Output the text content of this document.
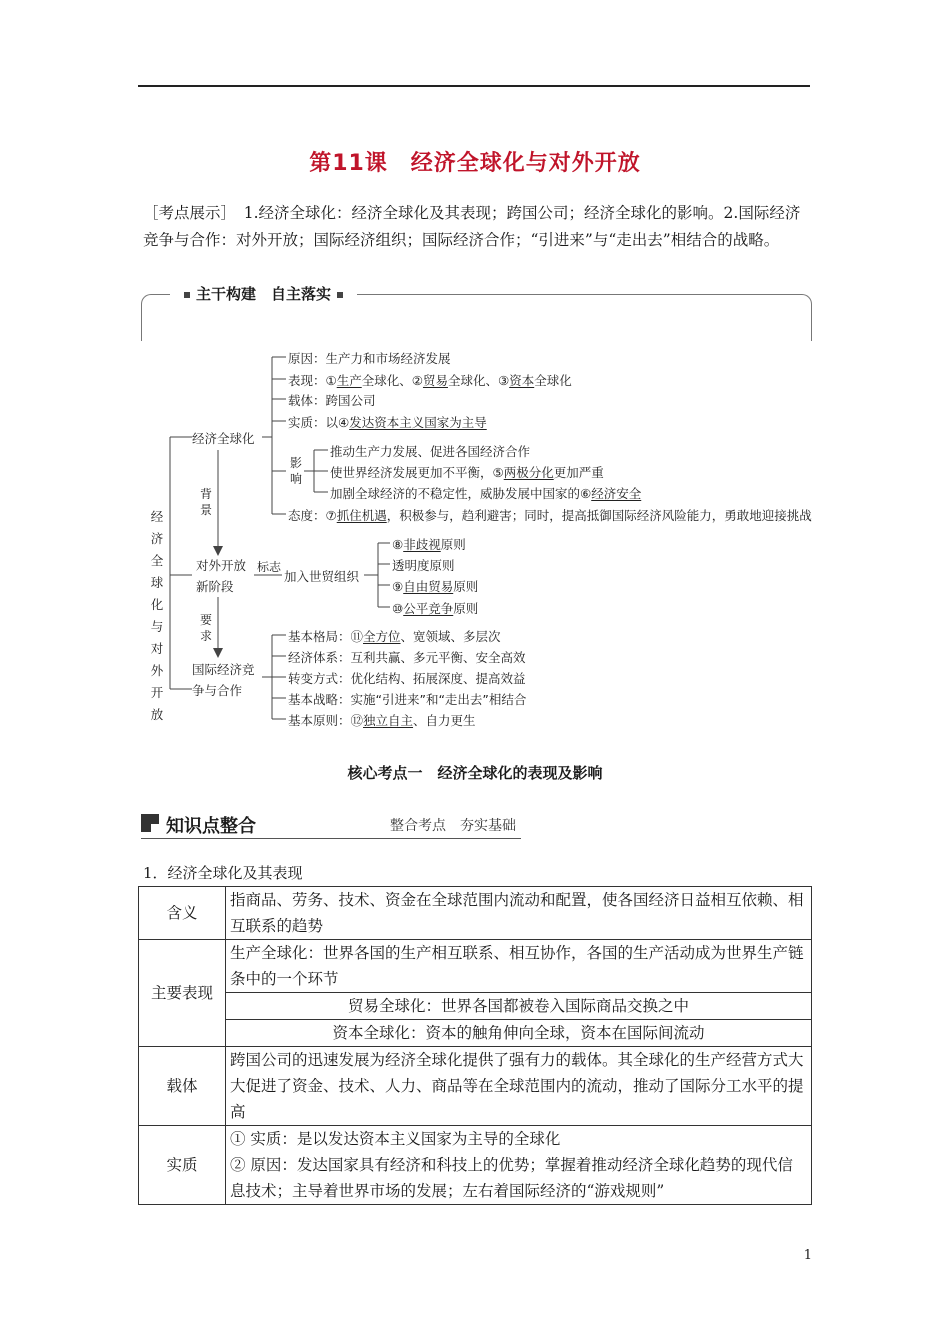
第11课　经济全球化与对外开放
［考点展示］　1.经济全球化：经济全球化及其表现；跨国公司；经济全球化的影响。2.国际经济竞争与合作：对外开放；国际经济组织；国际经济合作；“引进来”与“走出去”相结合的战略。
主干构建　自主落实
经济
全球
化与
对外
开放
经济全球化
原因：生产力和市场经济发展
表现：①生产全球化、②贸易全球化、③资本全球化
载体：跨国公司
实质：以④发达资本主义国家为主导
影响
推动生产力发展、促进各国经济合作
使世界经济发展更加不平衡，⑤两极分化更加严重
加剧全球经济的不稳定性，威胁发展中国家的⑥经济安全
态度：⑦抓住机遇，积极参与，趋利避害；同时，提高抵御国际经济风险能力，勇敢地迎接挑战
背景
要求
对外开放
新阶段
标志
加入世贸组织
⑧非歧视原则
透明度原则
⑨自由贸易原则
⑩公平竞争原则
国际经济竞
争与合作
基本格局：⑪全方位、宽领域、多层次
经济体系：互利共赢、多元平衡、安全高效
转变方式：优化结构、拓展深度、提高效益
基本战略：实施“引进来”和“走出去”相结合
基本原则：⑫独立自主、自力更生
核心考点一　经济全球化的表现及影响
知识点整合	整合考点　夯实基础
1．经济全球化及其表现
含义	指商品、劳务、技术、资金在全球范围内流动和配置，使各国经济日益相互依赖、相互联系的趋势
主要表现	生产全球化：世界各国的生产相互联系、相互协作，各国的生产活动成为世界生产链条中的一个环节
	贸易全球化：世界各国都被卷入国际商品交换之中
	资本全球化：资本的触角伸向全球，资本在国际间流动
载体	跨国公司的迅速发展为经济全球化提供了强有力的载体。其全球化的生产经营方式大大促进了资金、技术、人力、商品等在全球范围内的流动，推动了国际分工水平的提高
实质	① 实质：是以发达资本主义国家为主导的全球化
② 原因：发达国家具有经济和科技上的优势；掌握着推动经济全球化趋势的现代信息技术；主导着世界市场的发展；左右着国际经济的“游戏规则”
1
